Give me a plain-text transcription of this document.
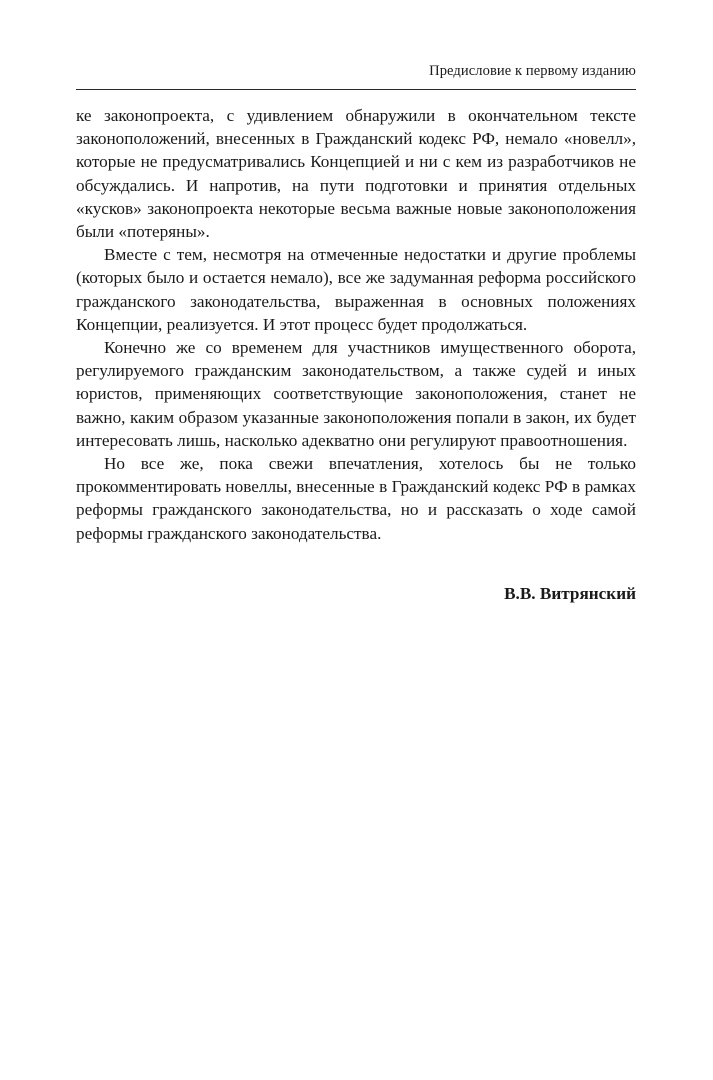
Предисловие к первому изданию

ке законопроекта, с удивлением обнаружили в окончательном тексте законоположений, внесенных в Гражданский кодекс РФ, немало «новелл», которые не предусматривались Концепцией и ни с кем из разработчиков не обсуждались. И напротив, на пути подготовки и принятия отдельных «кусков» законопроекта некоторые весьма важные новые законоположения были «потеряны».

Вместе с тем, несмотря на отмеченные недостатки и другие проблемы (которых было и остается немало), все же задуманная реформа российского гражданского законодательства, выраженная в основных положениях Концепции, реализуется. И этот процесс будет продолжаться.

Конечно же со временем для участников имущественного оборота, регулируемого гражданским законодательством, а также судей и иных юристов, применяющих соответствующие законоположения, станет не важно, каким образом указанные законоположения попали в закон, их будет интересовать лишь, насколько адекватно они регулируют правоотношения.

Но все же, пока свежи впечатления, хотелось бы не только прокомментировать новеллы, внесенные в Гражданский кодекс РФ в рамках реформы гражданского законодательства, но и рассказать о ходе самой реформы гражданского законодательства.

В.В. Витрянский
